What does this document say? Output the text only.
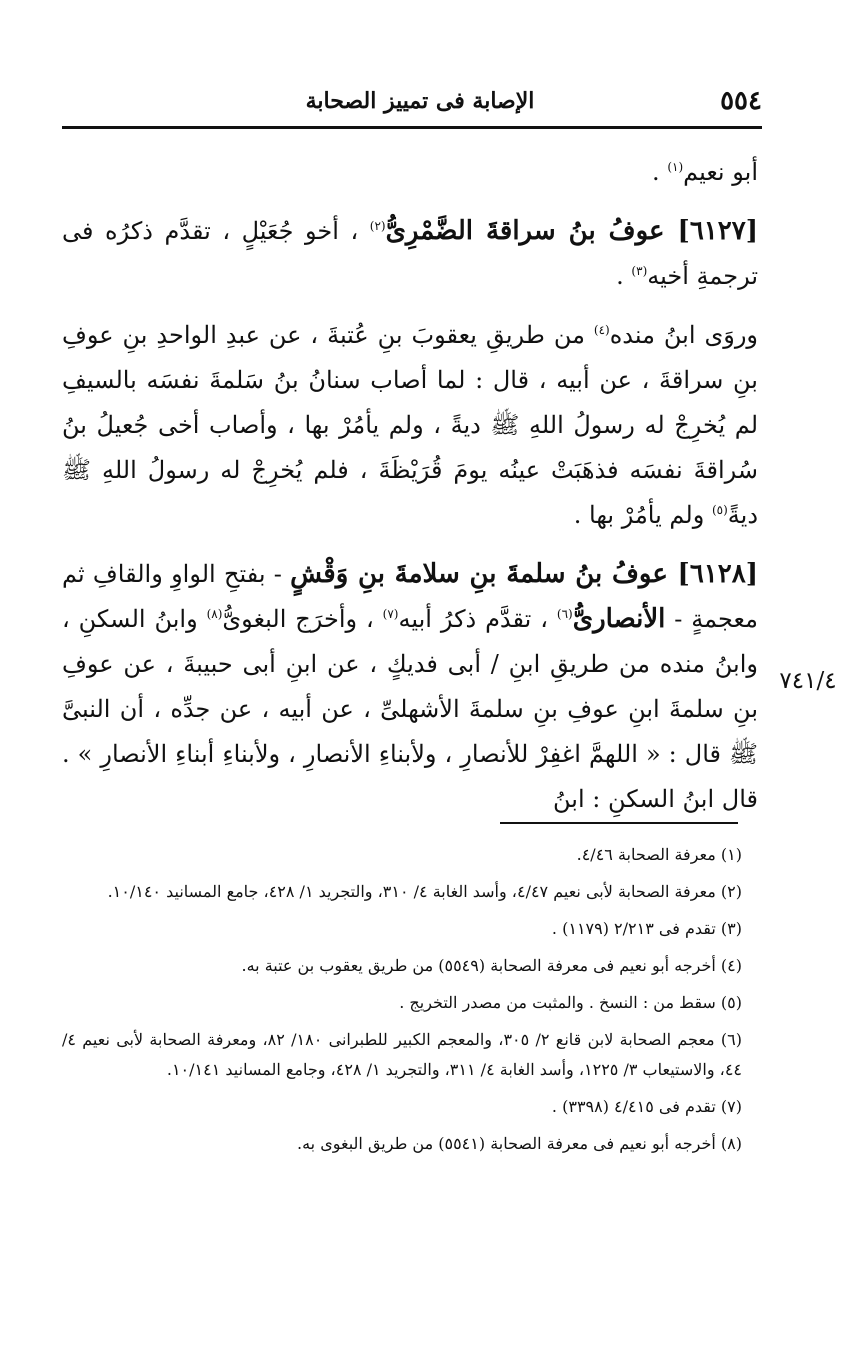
٥٥٤
الإصابة فى تمييز الصحابة

أبو نعيم$^{(١)}$ .

[٦١٢٧] عوفُ بنُ سراقةَ الضَّمْرِىُّ$^{(٢)}$ ، أخو جُعَيْلٍ ، تقدَّم ذكرُه فى ترجمةِ أخيه$^{(٣)}$ .

وروَى ابنُ منده$^{(٤)}$ من طريقِ يعقوبَ بنِ عُتبةَ ، عن عبدِ الواحدِ بنِ عوفِ بنِ سراقةَ ، عن أبيه ، قال : لما أصاب سنانُ بنُ سَلمةَ نفسَه بالسيفِ لم يُخرِجْ له رسولُ اللهِ ﷺ ديةً ، ولم يأمُرْ بها ، وأصاب أخى جُعيلُ بنُ سُراقةَ نفسَه فذهَبَتْ عينُه يومَ قُرَيْظَةَ ، فلم يُخرِجْ له رسولُ اللهِ ﷺ ديةً$^{(٥)}$ ولم يأمُرْ بها .

[٦١٢٨] عوفُ بنُ سلمةَ بنِ سلامةَ بنِ وَقْشٍ - بفتحِ الواوِ والقافِ ثم معجمةٍ - الأنصارىُّ$^{(٦)}$ ، تقدَّم ذكرُ أبيه$^{(٧)}$ ، وأخرَج البغوىُّ$^{(٨)}$ وابنُ السكنِ ، وابنُ منده من طريقِ ابنِ / أبى فديكٍ ، عن ابنِ أبى حبيبةَ ، عن عوفِ بنِ سلمةَ ابنِ عوفِ بنِ سلمةَ الأشهلىِّ ، عن أبيه ، عن جدِّه ، أن النبىَّ ﷺ قال : « اللهمَّ اغفِرْ للأنصارِ ، ولأبناءِ الأنصارِ ، ولأبناءِ أبناءِ الأنصارِ » . قال ابنُ السكنِ : ابنُ

٧٤١/٤
(١) معرفة الصحابة ٤/٤٦.
(٢) معرفة الصحابة لأبى نعيم ٤/٤٧، وأسد الغابة ٤/ ٣١٠، والتجريد ١/ ٤٢٨، جامع المسانيد ١٠/١٤٠.
(٣) تقدم فى ٢/٢١٣ (١١٧٩) .
(٤) أخرجه أبو نعيم فى معرفة الصحابة (٥٥٤٩) من طريق يعقوب بن عتبة به.
(٥) سقط من : النسخ . والمثبت من مصدر التخريج .
(٦) معجم الصحابة لابن قانع ٢/ ٣٠٥، والمعجم الكبير للطبرانى ١٨٠/ ٨٢، ومعرفة الصحابة لأبى نعيم ٤/ ٤٤، والاستيعاب ٣/ ١٢٢٥، وأسد الغابة ٤/ ٣١١، والتجريد ١/ ٤٢٨، وجامع المسانيد ١٠/١٤١.
(٧) تقدم فى ٤/٤١٥ (٣٣٩٨) .
(٨) أخرجه أبو نعيم فى معرفة الصحابة (٥٥٤١) من طريق البغوى به.
